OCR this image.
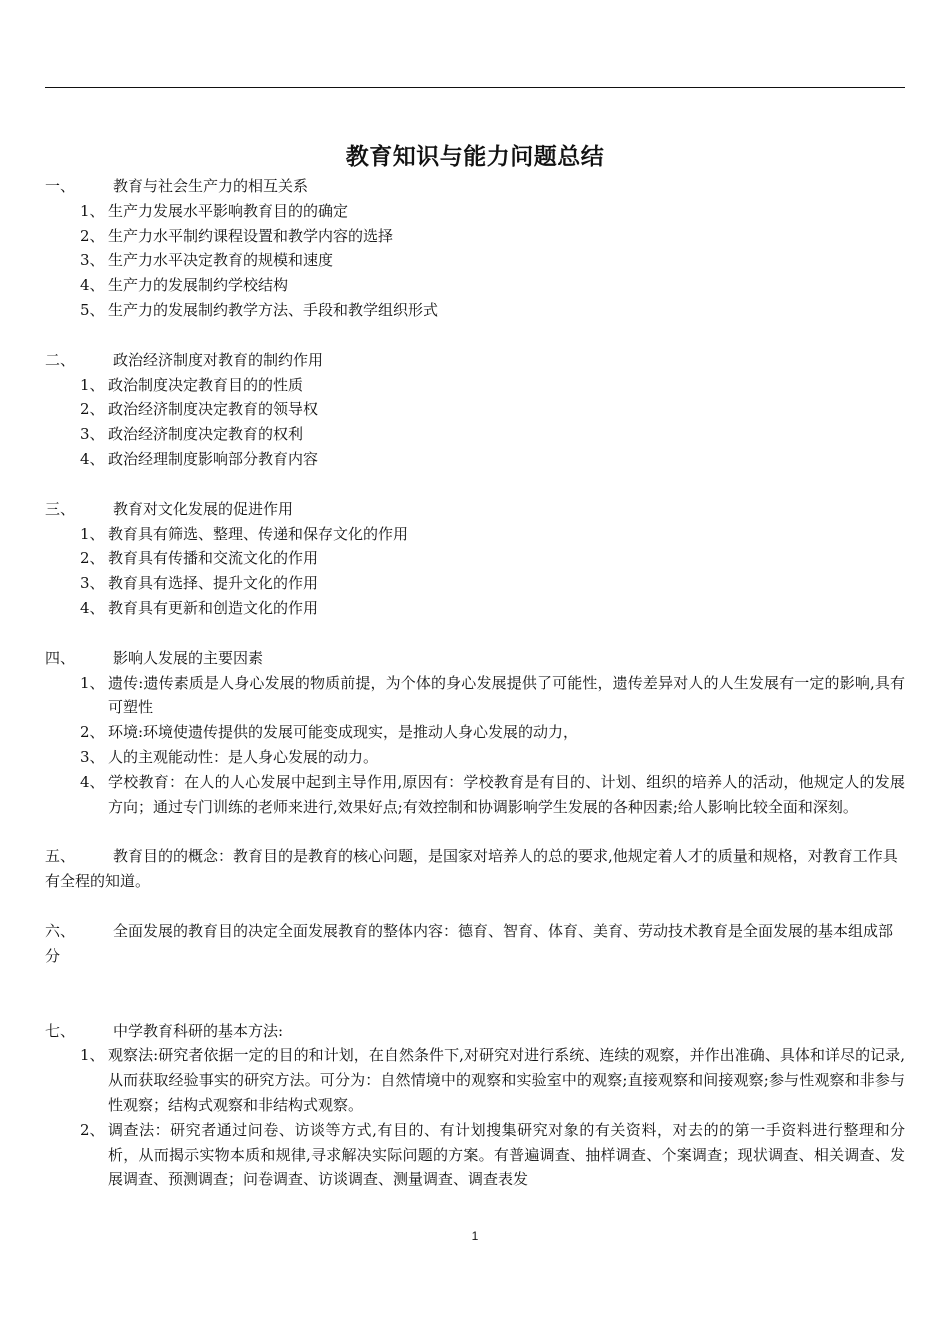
教育知识与能力问题总结
一、	教育与社会生产力的相互关系
1、 生产力发展水平影响教育目的的确定
2、 生产力水平制约课程设置和教学内容的选择
3、 生产力水平决定教育的规模和速度
4、 生产力的发展制约学校结构
5、 生产力的发展制约教学方法、手段和教学组织形式
二、	政治经济制度对教育的制约作用
1、 政治制度决定教育目的的性质
2、 政治经济制度决定教育的领导权
3、 政治经济制度决定教育的权利
4、 政治经理制度影响部分教育内容
三、	教育对文化发展的促进作用
1、 教育具有筛选、整理、传递和保存文化的作用
2、 教育具有传播和交流文化的作用
3、 教育具有选择、提升文化的作用
4、 教育具有更新和创造文化的作用
四、	影响人发展的主要因素
1、 遗传:遗传素质是人身心发展的物质前提，为个体的身心发展提供了可能性，遗传差异对人的人生发展有一定的影响,具有可塑性
2、 环境:环境使遗传提供的发展可能变成现实，是推动人身心发展的动力，
3、 人的主观能动性：是人身心发展的动力。
4、 学校教育：在人的人心发展中起到主导作用,原因有：学校教育是有目的、计划、组织的培养人的活动，他规定人的发展方向；通过专门训练的老师来进行,效果好点;有效控制和协调影响学生发展的各种因素;给人影响比较全面和深刻。
五、	教育目的的概念：教育目的是教育的核心问题，是国家对培养人的总的要求,他规定着人才的质量和规格，对教育工作具有全程的知道。
六、	全面发展的教育目的决定全面发展教育的整体内容：德育、智育、体育、美育、劳动技术教育是全面发展的基本组成部分
七、	中学教育科研的基本方法:
1、 观察法:研究者依据一定的目的和计划，在自然条件下,对研究对进行系统、连续的观察，并作出准确、具体和详尽的记录,从而获取经验事实的研究方法。可分为：自然情境中的观察和实验室中的观察;直接观察和间接观察;参与性观察和非参与性观察；结构式观察和非结构式观察。
2、 调查法：研究者通过问卷、访谈等方式,有目的、有计划搜集研究对象的有关资料，对去的的第一手资料进行整理和分析，从而揭示实物本质和规律,寻求解决实际问题的方案。有普遍调查、抽样调查、个案调查；现状调查、相关调查、发展调查、预测调查；问卷调查、访谈调查、测量调查、调查表发
1
